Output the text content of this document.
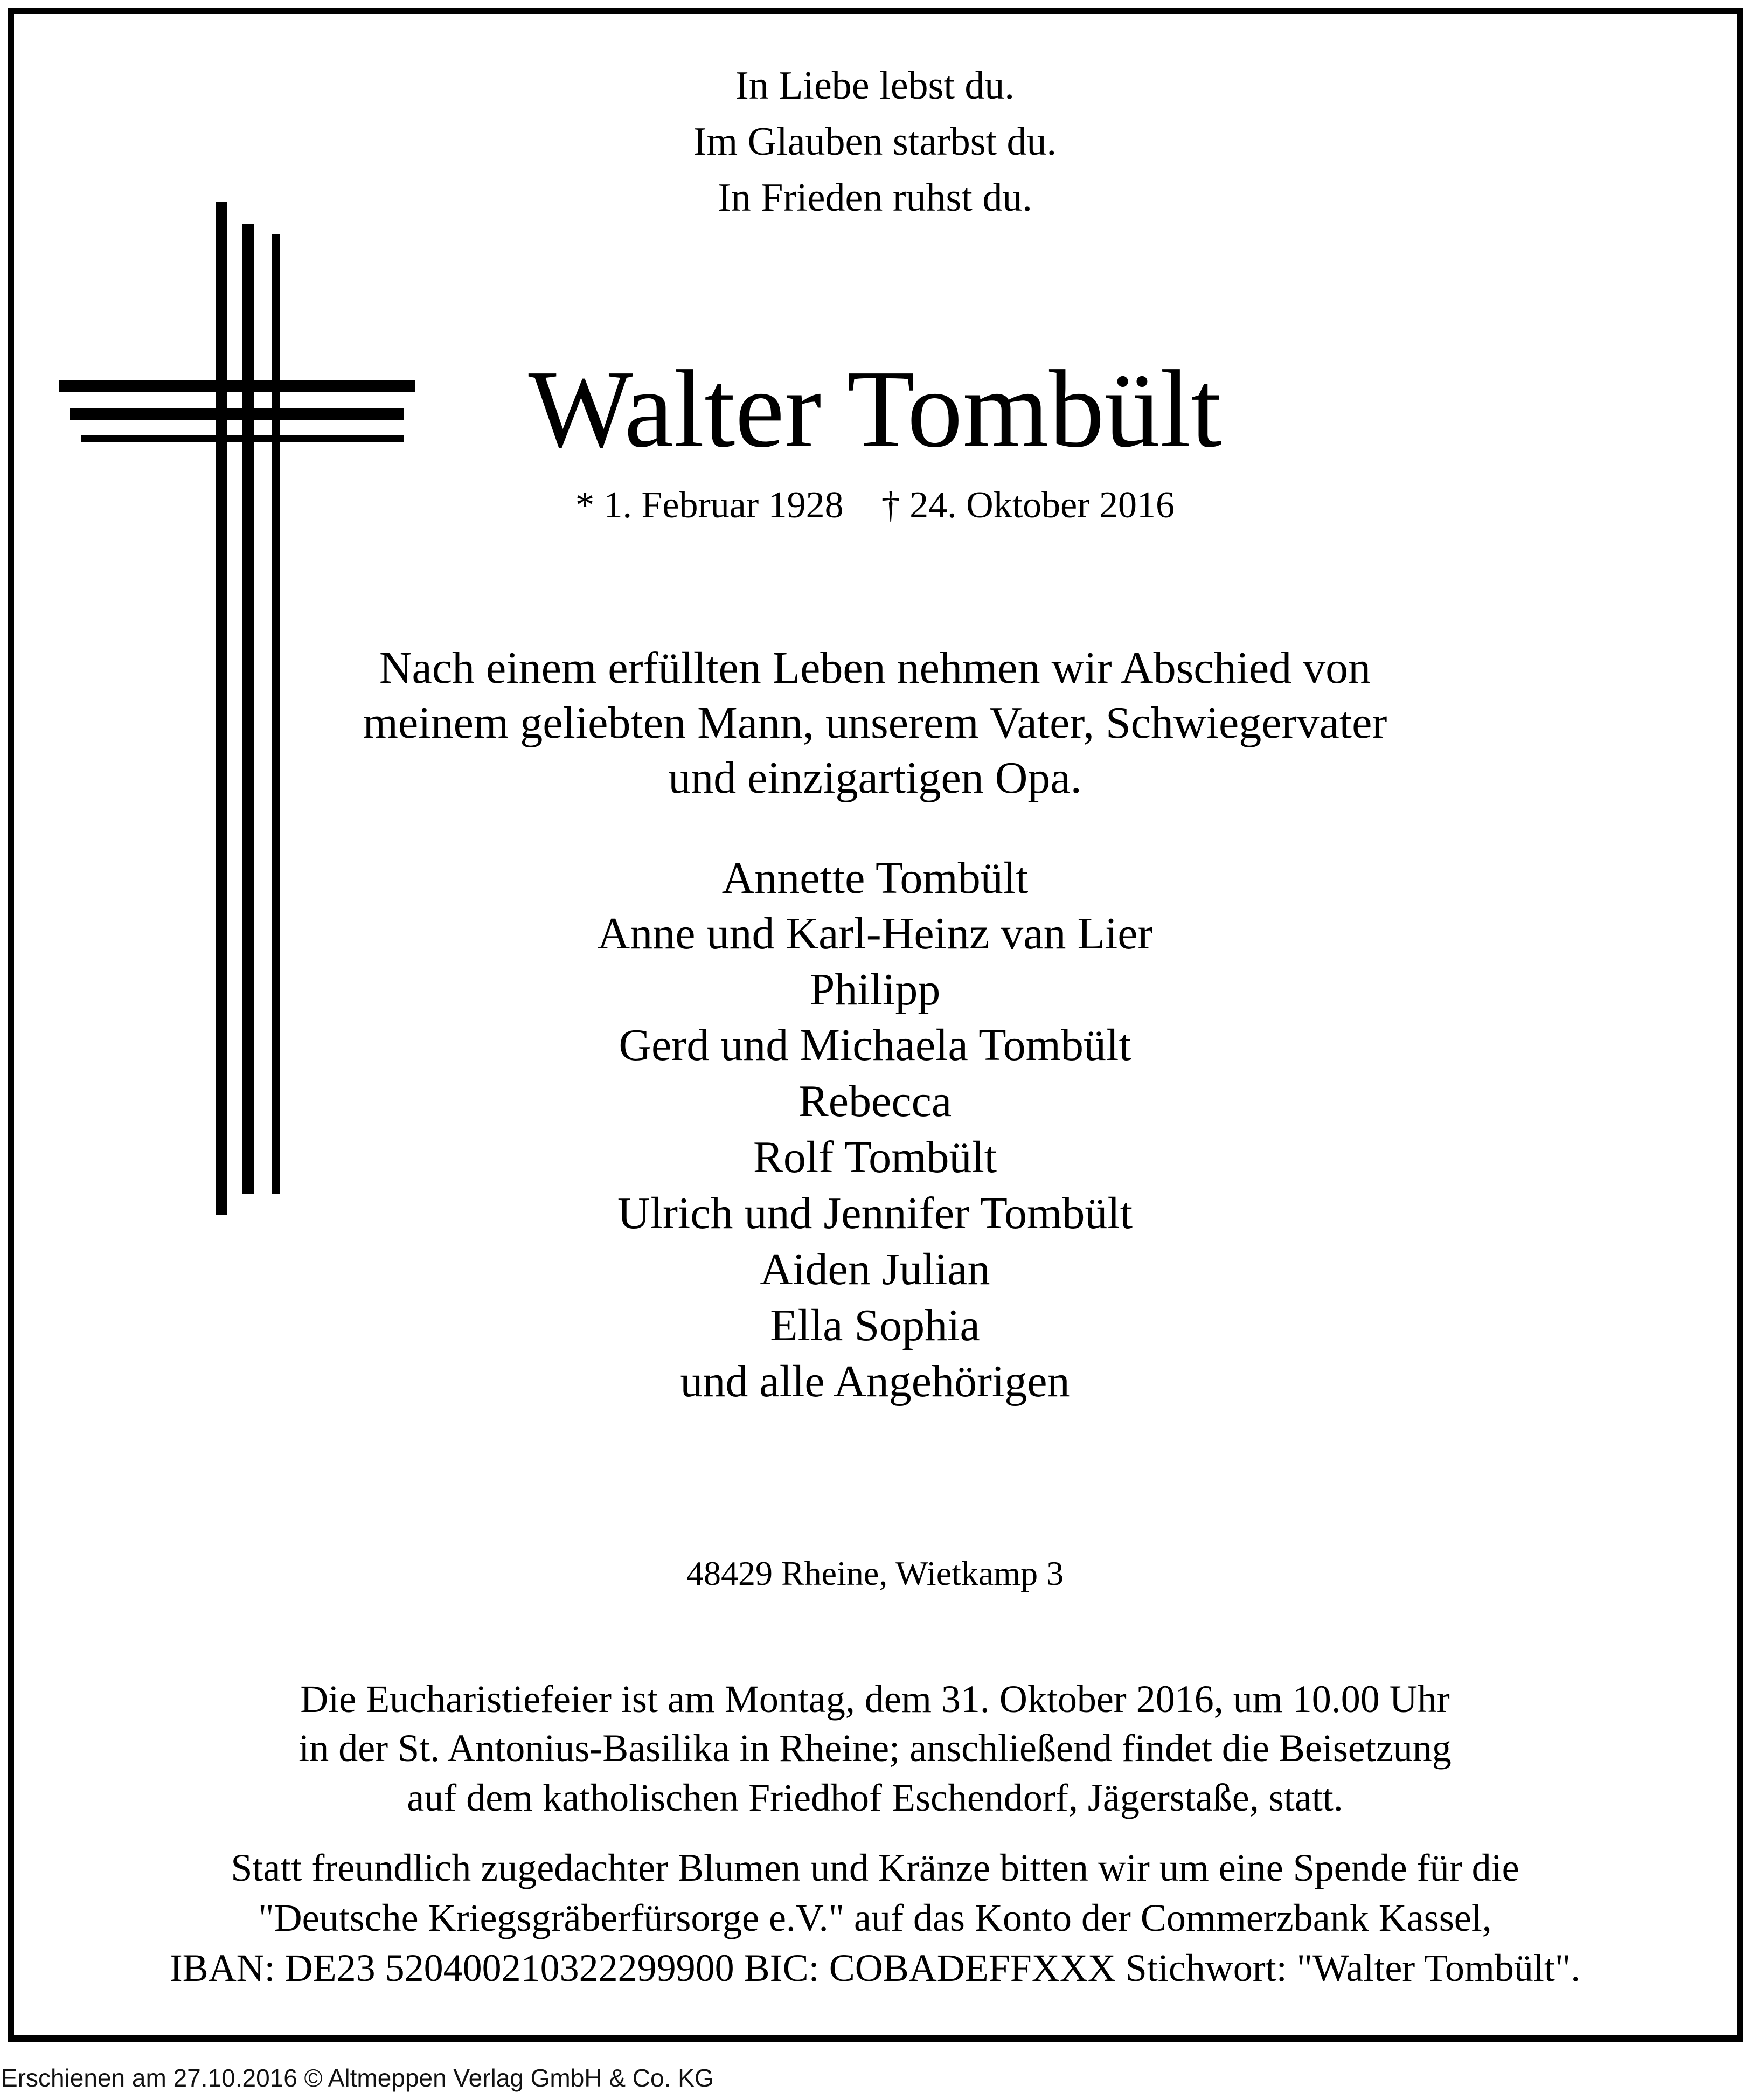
In Liebe lebst du.
Im Glauben starbst du.
In Frieden ruhst du.
Walter Tombült
* 1. Februar 1928    † 24. Oktober 2016
Nach einem erfüllten Leben nehmen wir Abschied von
meinem geliebten Mann, unserem Vater, Schwiegervater
und einzigartigen Opa.
Annette Tombült
Anne und Karl-Heinz van Lier
Philipp
Gerd und Michaela Tombült
Rebecca
Rolf Tombült
Ulrich und Jennifer Tombült
Aiden Julian
Ella Sophia
und alle Angehörigen
48429 Rheine, Wietkamp 3
Die Eucharistiefeier ist am Montag, dem 31. Oktober 2016, um 10.00 Uhr
in der St. Antonius-Basilika in Rheine; anschließend findet die Beisetzung
auf dem katholischen Friedhof Eschendorf, Jägerstaße, statt.
Statt freundlich zugedachter Blumen und Kränze bitten wir um eine Spende für die
"Deutsche Kriegsgräberfürsorge e.V." auf das Konto der Commerzbank Kassel,
IBAN: DE23 520400210322299900 BIC: COBADEFFXXX Stichwort: "Walter Tombült".
Erschienen am 27.10.2016 © Altmeppen Verlag GmbH & Co. KG
